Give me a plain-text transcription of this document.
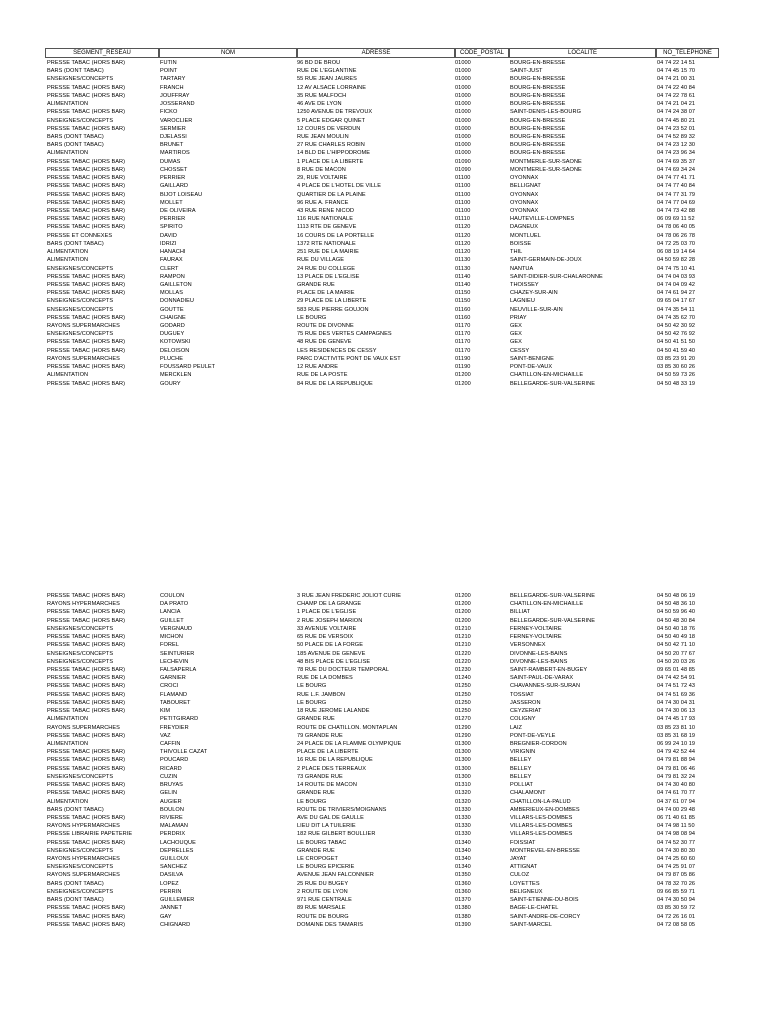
SEGMENT_RESEAU	NOM	ADRESSE	CODE_POSTAL	LOCALITE	NO_TELEPHONE
PRESSE TABAC (HORS BAR)	FUTIN	96 BD DE BROU	01000	BOURG-EN-BRESSE	04 74 22 14 51
BARS (DONT TABAC)	POINT	RUE DE L'EGLANTINE	01000	SAINT-JUST	04 74 45 15 70
ENSEIGNES/CONCEPTS	TARTARY	55 RUE JEAN JAURES	01000	BOURG-EN-BRESSE	04 74 21 00 31
PRESSE TABAC (HORS BAR)	FRANCH	12 AV ALSACE LORRAINE	01000	BOURG-EN-BRESSE	04 74 22 40 84
PRESSE TABAC (HORS BAR)	JOUFFRAY	35 RUE MALFOCH	01000	BOURG-EN-BRESSE	04 74 22 78 61
ALIMENTATION	JOSSERAND	46 AVE DE LYON	01000	BOURG-EN-BRESSE	04 74 21 04 21
PRESSE TABAC (HORS BAR)	FICKO	1250 AVENUE DE TREVOUX	01000	SAINT-DENIS-LES-BOURG	04 74 24 38 07
ENSEIGNES/CONCEPTS	VAROCLIER	5 PLACE EDGAR QUINET	01000	BOURG-EN-BRESSE	04 74 45 80 21
PRESSE TABAC (HORS BAR)	SERMIER	12 COURS DE VERDUN	01000	BOURG-EN-BRESSE	04 74 23 52 01
BARS (DONT TABAC)	DJELASSI	RUE JEAN MOULIN	01000	BOURG-EN-BRESSE	04 74 52 89 32
BARS (DONT TABAC)	BRUNET	27 RUE CHARLES ROBIN	01000	BOURG-EN-BRESSE	04 74 23 12 30
ALIMENTATION	MARTIROS	14 BLD DE L'HIPPODROME	01000	BOURG-EN-BRESSE	04 74 23 96 34
PRESSE TABAC (HORS BAR)	DUMAS	1 PLACE DE LA LIBERTE	01090	MONTMERLE-SUR-SAONE	04 74 69 35 37
PRESSE TABAC (HORS BAR)	CHOSSET	8 RUE DE MACON	01090	MONTMERLE-SUR-SAONE	04 74 69 34 24
PRESSE TABAC (HORS BAR)	PERRIER	29, RUE VOLTAIRE	01100	OYONNAX	04 74 77 41 71
PRESSE TABAC (HORS BAR)	GAILLARD	4 PLACE DE L'HOTEL DE VILLE	01100	BELLIGNAT	04 74 77 40 84
PRESSE TABAC (HORS BAR)	BIJOT LOISEAU	QUARTIER DE LA PLAINE	01100	OYONNAX	04 74 77 31 79
PRESSE TABAC (HORS BAR)	MOLLET	96 RUE A. FRANCE	01100	OYONNAX	04 74 77 04 69
PRESSE TABAC (HORS BAR)	DE OLIVEIRA	43 RUE RENE NICOD	01100	OYONNAX	04 74 73 42 88
PRESSE TABAC (HORS BAR)	PERRIER	116 RUE NATIONALE	01110	HAUTEVILLE-LOMPNES	06 09 69 11 52
PRESSE TABAC (HORS BAR)	SPIRITO	1113 RTE DE GENEVE	01120	DAGNEUX	04 78 06 40 05
PRESSE ET CONNEXES	DAVID	16 COURS DE LA PORTELLE	01120	MONTLUEL	04 78 06 26 78
BARS (DONT TABAC)	IDRIZI	1372 RTE NATIONALE	01120	BOISSE	04 72 25 03 70
ALIMENTATION	HANACHI	251 RUE DE LA MAIRIE	01120	THIL	06 08 19 14 64
ALIMENTATION	FAURAX	RUE DU VILLAGE	01130	SAINT-GERMAIN-DE-JOUX	04 50 59 82 28
ENSEIGNES/CONCEPTS	CLERT	24 RUE DU COLLEGE	01130	NANTUA	04 74 75 10 41
PRESSE TABAC (HORS BAR)	RAMPON	13 PLACE DE L'EGLISE	01140	SAINT-DIDIER-SUR-CHALARONNE	04 74 04 03 93
PRESSE TABAC (HORS BAR)	GAILLETON	GRANDE RUE	01140	THOISSEY	04 74 04 09 42
PRESSE TABAC (HORS BAR)	MOLLAS	PLACE DE LA MAIRIE	01150	CHAZEY-SUR-AIN	04 74 61 94 27
ENSEIGNES/CONCEPTS	DONNADIEU	29 PLACE DE LA LIBERTE	01150	LAGNIEU	09 65 04 17 67
ENSEIGNES/CONCEPTS	GOUTTE	583 RUE PIERRE GOUJON	01160	NEUVILLE-SUR-AIN	04 74 35 54 11
PRESSE TABAC (HORS BAR)	CHAIGNE	LE BOURG	01160	PRIAY	04 74 35 62 70
RAYONS SUPERMARCHES	GODARD	ROUTE DE DIVONNE	01170	GEX	04 50 42 30 92
ENSEIGNES/CONCEPTS	DUGUEY	75 RUE DES VERTES CAMPAGNES	01170	GEX	04 50 42 76 92
PRESSE TABAC (HORS BAR)	KOTOWSKI	48 RUE DE GENEVE	01170	GEX	04 50 41 51 50
PRESSE TABAC (HORS BAR)	DELOISON	LES RESIDENCES DE CESSY	01170	CESSY	04 50 41 59 40
RAYONS SUPERMARCHES	PLUCHE	PARC D'ACTIVITE PONT DE VAUX EST	01190	SAINT-BENIGNE	03 85 23 91 20
PRESSE TABAC (HORS BAR)	FOUSSARD PEULET	12 RUE ANDRE	01190	PONT-DE-VAUX	03 85 30 60 26
ALIMENTATION	MERCKLEN	RUE DE LA POSTE	01200	CHATILLON-EN-MICHAILLE	04 50 59 73 26
PRESSE TABAC (HORS BAR)	GOURY	84 RUE DE LA REPUBLIQUE	01200	BELLEGARDE-SUR-VALSERINE	04 50 48 33 19
PRESSE TABAC (HORS BAR)	COULON	3 RUE JEAN FREDERIC JOLIOT CURIE	01200	BELLEGARDE-SUR-VALSERINE	04 50 48 06 19
RAYONS HYPERMARCHES	DA PRATO	CHAMP DE LA GRANGE	01200	CHATILLON-EN-MICHAILLE	04 50 48 36 10
PRESSE TABAC (HORS BAR)	LANCIA	1 PLACE DE L'EGLISE	01200	BILLIAT	04 50 59 96 40
PRESSE TABAC (HORS BAR)	GUILLET	2 RUE JOSEPH MARION	01200	BELLEGARDE-SUR-VALSERINE	04 50 48 30 84
ENSEIGNES/CONCEPTS	VERGNAUD	33 AVENUE VOLTAIRE	01210	FERNEY-VOLTAIRE	04 50 40 18 76
PRESSE TABAC (HORS BAR)	MICHON	65 RUE DE VERSOIX	01210	FERNEY-VOLTAIRE	04 50 40 49 18
PRESSE TABAC (HORS BAR)	FOREL	50 PLACE DE LA FORGE	01210	VERSONNEX	04 50 42 71 10
ENSEIGNES/CONCEPTS	SEINTURIER	185 AVENUE DE GENEVE	01220	DIVONNE-LES-BAINS	04 50 20 77 67
ENSEIGNES/CONCEPTS	LECHEVIN	48 BIS PLACE DE L'EGLISE	01220	DIVONNE-LES-BAINS	04 50 20 03 26
PRESSE TABAC (HORS BAR)	FALSAPERLA	78 RUE DU DOCTEUR TEMPORAL	01230	SAINT-RAMBERT-EN-BUGEY	09 65 01 48 85
PRESSE TABAC (HORS BAR)	GARNIER	RUE DE LA DOMBES	01240	SAINT-PAUL-DE-VARAX	04 74 42 54 91
PRESSE TABAC (HORS BAR)	CROCI	LE BOURG	01250	CHAVANNES-SUR-SURAN	04 74 51 72 43
PRESSE TABAC (HORS BAR)	FLAMAND	RUE L.F. JAMBON	01250	TOSSIAT	04 74 51 69 36
PRESSE TABAC (HORS BAR)	TABOURET	LE BOURG	01250	JASSERON	04 74 30 04 31
PRESSE TABAC (HORS BAR)	KIM	18 RUE JEROME LALANDE	01250	CEYZERIAT	04 74 30 06 13
ALIMENTATION	PETITGIRARD	GRANDE RUE	01270	COLIGNY	04 74 45 17 93
RAYONS SUPERMARCHES	FREYDIER	ROUTE DE CHATILLON. MONTAPLAN	01290	LAIZ	03 85 23 81 10
PRESSE TABAC (HORS BAR)	VAZ	79 GRANDE RUE	01290	PONT-DE-VEYLE	03 85 31 68 19
ALIMENTATION	CAFFIN	24 PLACE DE LA FLAMME OLYMPIQUE	01300	BREGNIER-CORDON	06 99 24 10 19
PRESSE TABAC (HORS BAR)	THIVOLLE CAZAT	PLACE DE LA LIBERTE	01300	VIRIGNIN	04 79 42 52 44
PRESSE TABAC (HORS BAR)	POUCARD	16 RUE DE LA REPUBLIQUE	01300	BELLEY	04 79 81 88 94
PRESSE TABAC (HORS BAR)	RICARD	2 PLACE DES TERREAUX	01300	BELLEY	04 79 81 06 46
ENSEIGNES/CONCEPTS	CUZIN	73 GRANDE RUE	01300	BELLEY	04 79 81 32 24
PRESSE TABAC (HORS BAR)	BRUYAS	14 ROUTE DE MACON	01310	POLLIAT	04 74 30 40 80
PRESSE TABAC (HORS BAR)	GELIN	GRANDE RUE	01320	CHALAMONT	04 74 61 70 77
ALIMENTATION	AUGIER	LE BOURG	01320	CHATILLON-LA-PALUD	04 37 61 07 94
BARS (DONT TABAC)	BOULON	ROUTE DE TRIVIERS/MOIGNANS	01330	AMBERIEUX-EN-DOMBES	04 74 00 29 48
PRESSE TABAC (HORS BAR)	RIVIERE	AVE DU GAL DE GAULLE	01330	VILLARS-LES-DOMBES	06 71 40 61 85
RAYONS HYPERMARCHES	MALAMAN	LIEU DIT LA TUILERIE	01330	VILLARS-LES-DOMBES	04 74 98 11 50
PRESSE LIBRAIRIE PAPETERIE	PERDRIX	182 RUE GILBERT BOULLIER	01330	VILLARS-LES-DOMBES	04 74 98 08 94
PRESSE TABAC (HORS BAR)	LACHOUQUE	LE BOURG TABAC	01340	FOISSIAT	04 74 52 30 77
ENSEIGNES/CONCEPTS	DEPRELLES	GRANDE RUE	01340	MONTREVEL-EN-BRESSE	04 74 30 80 30
RAYONS HYPERMARCHES	GUILLOUX	LE CROPOGET	01340	JAYAT	04 74 25 60 60
ENSEIGNES/CONCEPTS	SANCHEZ	LE BOURG EPICERIE	01340	ATTIGNAT	04 74 25 91 07
RAYONS SUPERMARCHES	DASILVA	AVENUE JEAN FALCONNIER	01350	CULOZ	04 79 87 05 86
BARS (DONT TABAC)	LOPEZ	25 RUE DU BUGEY	01360	LOYETTES	04 78 32 70 26
ENSEIGNES/CONCEPTS	PERRIN	2 ROUTE DE LYON	01360	BELIGNEUX	09 66 85 59 71
BARS (DONT TABAC)	GUILLEMIER	971 RUE CENTRALE	01370	SAINT-ETIENNE-DU-BOIS	04 74 30 50 94
PRESSE TABAC (HORS BAR)	JANNET	89 RUE MARSALE	01380	BAGE-LE-CHATEL	03 85 30 59 72
PRESSE TABAC (HORS BAR)	GAY	ROUTE DE BOURG	01380	SAINT-ANDRE-DE-CORCY	04 72 26 16 01
PRESSE TABAC (HORS BAR)	CHIGNARD	DOMAINE DES TAMARIS	01390	SAINT-MARCEL	04 72 08 58 05
